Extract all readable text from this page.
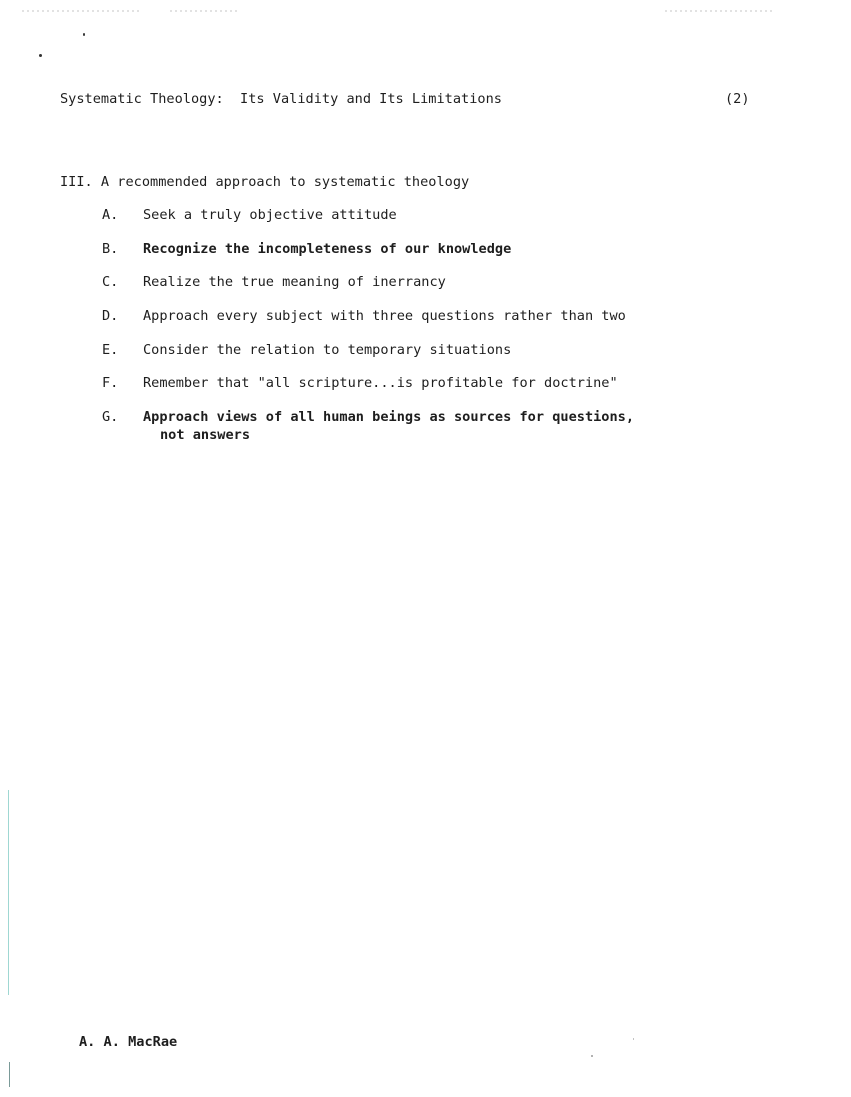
Systematic Theology:  Its Validity and Its Limitations	(2)
III. A recommended approach to systematic theology
A. Seek a truly objective attitude
B. Recognize the incompleteness of our knowledge
C. Realize the true meaning of inerrancy
D. Approach every subject with three questions rather than two
E. Consider the relation to temporary situations
F. Remember that "all scripture...is profitable for doctrine"
G. Approach views of all human beings as sources for questions,
not answers
A. A. MacRae
